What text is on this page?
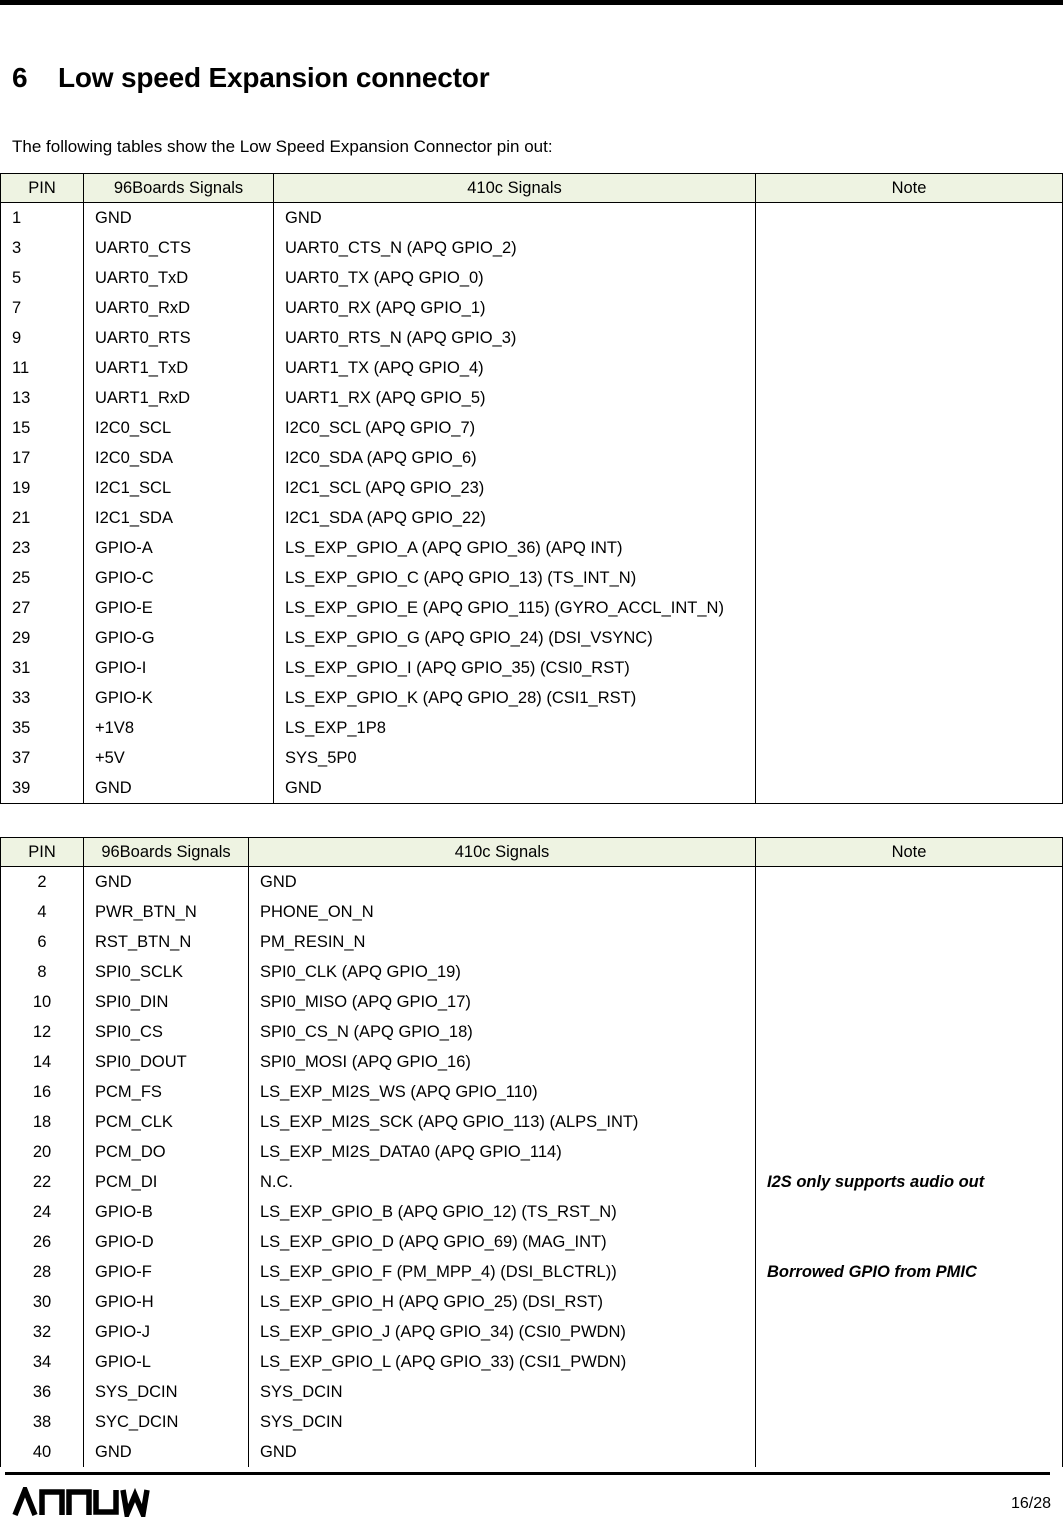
6 Low speed Expansion connector
The following tables show the Low Speed Expansion Connector pin out:
PIN	96Boards Signals	410c Signals	Note
1	GND	GND	
3	UART0_CTS	UART0_CTS_N (APQ GPIO_2)	
5	UART0_TxD	UART0_TX (APQ GPIO_0)	
7	UART0_RxD	UART0_RX (APQ GPIO_1)	
9	UART0_RTS	UART0_RTS_N (APQ GPIO_3)	
11	UART1_TxD	UART1_TX (APQ GPIO_4)	
13	UART1_RxD	UART1_RX (APQ GPIO_5)	
15	I2C0_SCL	I2C0_SCL (APQ GPIO_7)	
17	I2C0_SDA	I2C0_SDA (APQ GPIO_6)	
19	I2C1_SCL	I2C1_SCL (APQ GPIO_23)	
21	I2C1_SDA	I2C1_SDA (APQ GPIO_22)	
23	GPIO-A	LS_EXP_GPIO_A (APQ GPIO_36) (APQ INT)	
25	GPIO-C	LS_EXP_GPIO_C (APQ GPIO_13) (TS_INT_N)	
27	GPIO-E	LS_EXP_GPIO_E (APQ GPIO_115) (GYRO_ACCL_INT_N)	
29	GPIO-G	LS_EXP_GPIO_G (APQ GPIO_24) (DSI_VSYNC)	
31	GPIO-I	LS_EXP_GPIO_I (APQ GPIO_35) (CSI0_RST)	
33	GPIO-K	LS_EXP_GPIO_K (APQ GPIO_28) (CSI1_RST)	
35	+1V8	LS_EXP_1P8	
37	+5V	SYS_5P0	
39	GND	GND	
PIN	96Boards Signals	410c Signals	Note
2	GND	GND	
4	PWR_BTN_N	PHONE_ON_N	
6	RST_BTN_N	PM_RESIN_N	
8	SPI0_SCLK	SPI0_CLK (APQ GPIO_19)	
10	SPI0_DIN	SPI0_MISO (APQ GPIO_17)	
12	SPI0_CS	SPI0_CS_N (APQ GPIO_18)	
14	SPI0_DOUT	SPI0_MOSI (APQ GPIO_16)	
16	PCM_FS	LS_EXP_MI2S_WS (APQ GPIO_110)	
18	PCM_CLK	LS_EXP_MI2S_SCK (APQ GPIO_113) (ALPS_INT)	
20	PCM_DO	LS_EXP_MI2S_DATA0 (APQ GPIO_114)	
22	PCM_DI	N.C.	I2S only supports audio out
24	GPIO-B	LS_EXP_GPIO_B (APQ GPIO_12) (TS_RST_N)	
26	GPIO-D	LS_EXP_GPIO_D (APQ GPIO_69) (MAG_INT)	
28	GPIO-F	LS_EXP_GPIO_F (PM_MPP_4) (DSI_BLCTRL))	Borrowed GPIO from PMIC
30	GPIO-H	LS_EXP_GPIO_H (APQ GPIO_25) (DSI_RST)	
32	GPIO-J	LS_EXP_GPIO_J (APQ GPIO_34) (CSI0_PWDN)	
34	GPIO-L	LS_EXP_GPIO_L (APQ GPIO_33) (CSI1_PWDN)	
36	SYS_DCIN	SYS_DCIN	
38	SYC_DCIN	SYS_DCIN	
40	GND	GND	
16/28
